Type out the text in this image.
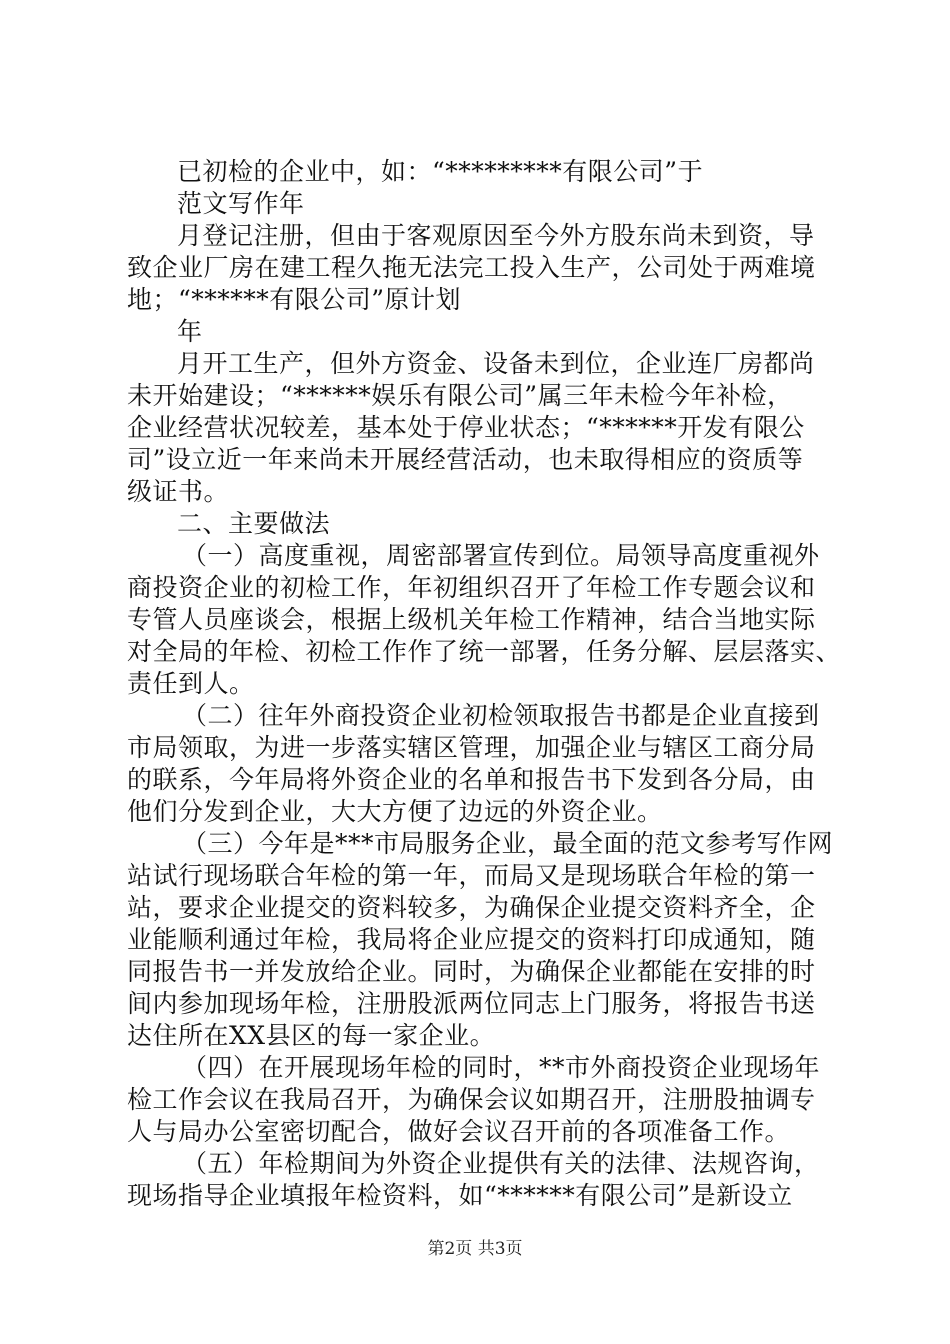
已初检的企业中，如：“*********有限公司”于
范文写作年
月登记注册，但由于客观原因至今外方股东尚未到资，导
致企业厂房在建工程久拖无法完工投入生产，公司处于两难境
地；“******有限公司”原计划
年
月开工生产，但外方资金、设备未到位，企业连厂房都尚
未开始建设；“******娱乐有限公司”属三年未检今年补检，
企业经营状况较差，基本处于停业状态；“******开发有限公
司”设立近一年来尚未开展经营活动，也未取得相应的资质等
级证书。
二、主要做法
（一）高度重视，周密部署宣传到位。局领导高度重视外
商投资企业的初检工作，年初组织召开了年检工作专题会议和
专管人员座谈会，根据上级机关年检工作精神，结合当地实际
对全局的年检、初检工作作了统一部署，任务分解、层层落实、
责任到人。
（二）往年外商投资企业初检领取报告书都是企业直接到
市局领取，为进一步落实辖区管理，加强企业与辖区工商分局
的联系，今年局将外资企业的名单和报告书下发到各分局，由
他们分发到企业，大大方便了边远的外资企业。
（三）今年是***市局服务企业，最全面的范文参考写作网
站试行现场联合年检的第一年，而局又是现场联合年检的第一
站，要求企业提交的资料较多，为确保企业提交资料齐全，企
业能顺利通过年检，我局将企业应提交的资料打印成通知，随
同报告书一并发放给企业。同时，为确保企业都能在安排的时
间内参加现场年检，注册股派两位同志上门服务，将报告书送
达住所在XX县区的每一家企业。
（四）在开展现场年检的同时，**市外商投资企业现场年
检工作会议在我局召开，为确保会议如期召开，注册股抽调专
人与局办公室密切配合，做好会议召开前的各项准备工作。
（五）年检期间为外资企业提供有关的法律、法规咨询，
现场指导企业填报年检资料，如“******有限公司”是新设立
第2页 共3页
